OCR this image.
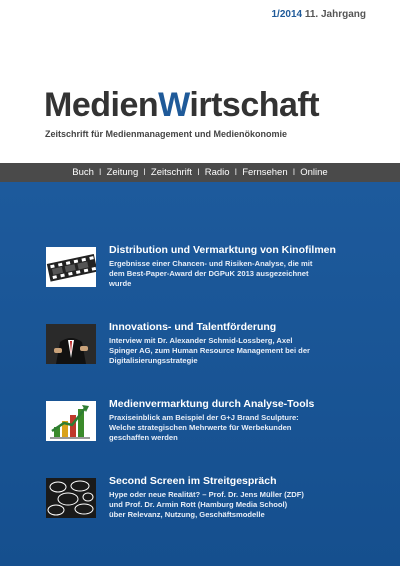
1/2014 11. Jahrgang
MedienWirtschaft
Zeitschrift für Medienmanagement und Medienökonomie
Buch I Zeitung I Zeitschrift I Radio I Fernsehen I Online
Distribution und Vermarktung von Kinofilmen
Ergebnisse einer Chancen- und Risiken-Analyse, die mit
dem Best-Paper-Award der DGPuK 2013 ausgezeichnet
wurde
Innovations- und Talentförderung
Interview mit Dr. Alexander Schmid-Lossberg, Axel
Spinger AG, zum Human Resource Management bei der
Digitalisierungsstrategie
Medienvermarktung durch Analyse-Tools
Praxiseinblick am Beispiel der G+J Brand Sculpture:
Welche strategischen Mehrwerte für Werbekunden
geschaffen werden
Second Screen im Streitgespräch
Hype oder neue Realität? – Prof. Dr. Jens Müller (ZDF)
und Prof. Dr. Armin Rott (Hamburg Media School)
über Relevanz, Nutzung, Geschäftsmodelle
